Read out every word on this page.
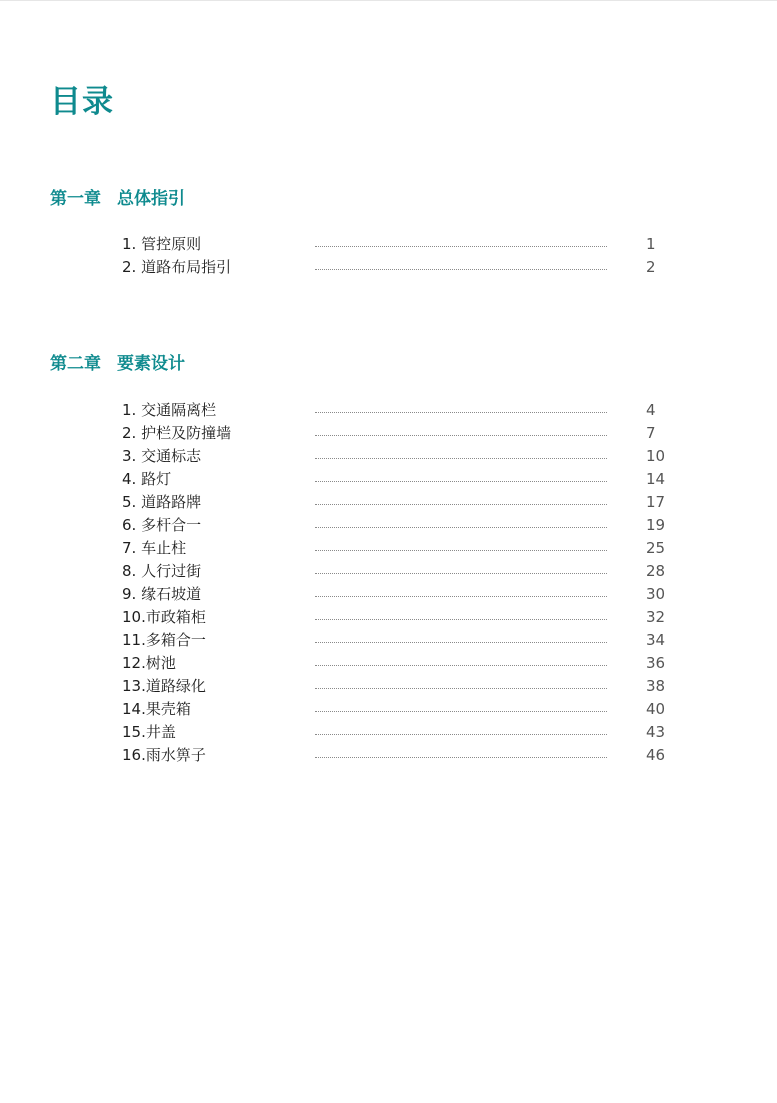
目录
第一章 总体指引
1. 管控原则	1
2. 道路布局指引	2
第二章 要素设计
1. 交通隔离栏	4
2. 护栏及防撞墙	7
3. 交通标志	10
4. 路灯	14
5. 道路路牌	17
6. 多杆合一	19
7. 车止柱	25
8. 人行过街	28
9. 缘石坡道	30
10.市政箱柜	32
11.多箱合一	34
12.树池	36
13.道路绿化	38
14.果壳箱	40
15.井盖	43
16.雨水箅子	46
